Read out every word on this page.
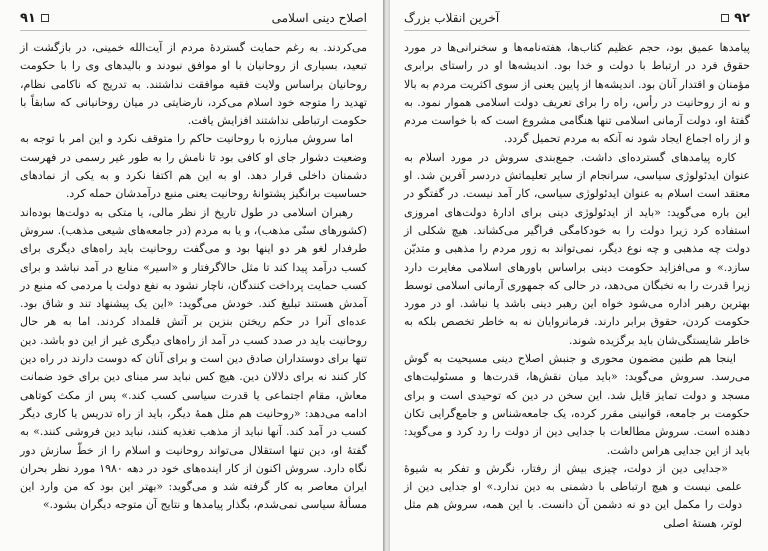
اصلاح دینی اسلامی
۹۱

می‌کردند. به رغم حمایت گستردهٔ مردم از آیت‌الله خمینی، در بازگشت از تبعید، بسیاری از روحانیان با او موافق نبودند و بالیدهای وی را با حکومت روحانیان براساس ولایت فقیه موافقت نداشتند. به تدریج که ناکامی نظام، تهدید را متوجه خود اسلام می‌کرد، نارضایتی در میان روحانیانی که سابقاً با حکومت ارتباطی نداشتند افزایش یافت.

اما سروش مبارزه با روحانیت حاکم را متوقف نکرد و این امر با توجه به وضعیت دشوار جای او کافی بود تا نامش را به طور غیر رسمی در فهرست دشمنان داخلی قرار دهد. او به این هم اکتفا نکرد و به یکی از نمادهای حساسیت برانگیز پشتوانهٔ روحانیت یعنی منبع درآمدشان حمله کرد.

رهبران اسلامی در طول تاریخ از نظر مالی، یا متکی به دولت‌ها بوده‌اند (کشورهای سنّی مذهب)، و یا به مردم (در جامعه‌های شیعی مذهب). سروش طرفدار لغو هر دو اینها بود و می‌گفت روحانیت باید راه‌های دیگری برای کسب درآمد پیدا کند تا مثل حالاگرفتار و «اسیر» منابع در آمد نباشد و برای کسب حمایت پرداخت کنندگان، ناچار نشود به نفع دولت یا مردمی که منبع در آمدش هستند تبلیغ کند. خودش می‌گوید: «این یک پیشنهاد تند و شاق بود. عده‌ای آنرا در حکم ریختن بنزین بر آتش قلمداد کردند. اما به هر حال روحانیت باید در صدد کسب در آمد از راه‌های دیگری غیر از این دو باشد. دین تنها برای دوستداران صادق دین است و برای آنان که دوست دارند در راه دین کار کنند نه برای دلالان دین. هیچ کس نباید سر مبنای دین برای خود ضمانت معاش، مقام اجتماعی یا قدرت سیاسی کسب کند.» پس از مکث کوتاهی ادامه می‌دهد: «روحانیت هم مثل همهٔ دیگر، باید از راه تدریس یا کاری دیگر کسب در آمد کند. آنها نباید از مذهب تغذیه کنند، نباید دین فروشی کنند.» به گفتهٔ او، دین تنها استقلال می‌تواند روحانیت و اسلام را از خطّ سازش دور نگاه دارد. سروش اکنون از کار اینده‌های خود در دهه ۱۹۸۰ مورد نظر بحران ایران معاصر به کار گرفته شد و می‌گوید: «بهتر این بود که من وارد این مسألهٔ سیاسی نمی‌شدم، بگذار پیامدها و نتایج آن متوجه دیگران بشود.»

۹۲
آخرین انقلاب بزرگ

پیامدها عمیق بود، حجم عظیم کتاب‌ها، هفته‌نامه‌ها و سخنرانی‌ها در مورد حقوق فرد در ارتباط با دولت و خدا بود. اندیشه‌ها او در راستای برابری مؤمنان و اقتدار آنان بود. اندیشه‌ها از پایین یعنی از سوی اکثریت مردم به بالا و نه از روحانیت در رأس، راه را برای تعریف دولت اسلامی هموار نمود. به گفتهٔ او، دولت آرمانی اسلامی تنها هنگامی مشروع است که با خواست مردم و از راه اجماع ایجاد شود نه آنکه به مردم تحمیل گردد.

کاره پیامدهای گسترده‌ای داشت. جمع‌بندی سروش در مورد اسلام به عنوان ایدئولوژی سیاسی، سرانجام از سایر تعلیماتش دردسر آفرین شد. او معتقد است اسلام به عنوان ایدئولوژی سیاسی، کار آمد نیست. در گفتگو در این باره می‌گوید: «باید از ایدئولوژی دینی برای ادارهٔ دولت‌های امروزی استفاده کرد زیرا دولت را به خودکامگی فراگیر می‌کشاند. هیچ شکلی از دولت چه مذهبی و چه نوع دیگر، نمی‌تواند به زور مردم را مذهبی و متدیّن سازد.» و می‌افزاید حکومت دینی براساس باورهای اسلامی مغایرت دارد زیرا قدرت را به نخبگان می‌دهد، در حالی که جمهوری آرمانی اسلامی توسط بهترین رهبر اداره می‌شود خواه این رهبر دینی باشد یا نباشد. او در مورد حکومت کردن، حقوق برابر دارند. فرمانروایان نه به خاطر تخصص بلکه به خاطر شایستگی‌شان باید برگزیده شوند.

اینجا هم طنین مضمون محوری و جنبش اصلاح دینی مسیحیت به گوش می‌رسد. سروش می‌گوید: «باید میان نقش‌ها، قدرت‌ها و مسئولیت‌های مسجد و دولت تمایز قایل شد. این سخن در دین که توحیدی است و برای حکومت بر جامعه، قوانینی مقرر کرده، یک جامعه‌شناس و جامع‌گرایی تکان دهنده است. سروش مطالعات با جدایی دین از دولت را رد کرد و می‌گوید: باید از این جدایی هراس داشت.

«جدایی دین از دولت، چیزی بیش از رفتار، نگرش و تفکر به شیوهٔ علمی نیست و هیچ ارتباطی با دشمنی به دین ندارد.» او جدایی دین از دولت را مکمل این دو نه دشمن آن دانست. با این همه، سروش هم مثل لوتر، هستهٔ اصلی
